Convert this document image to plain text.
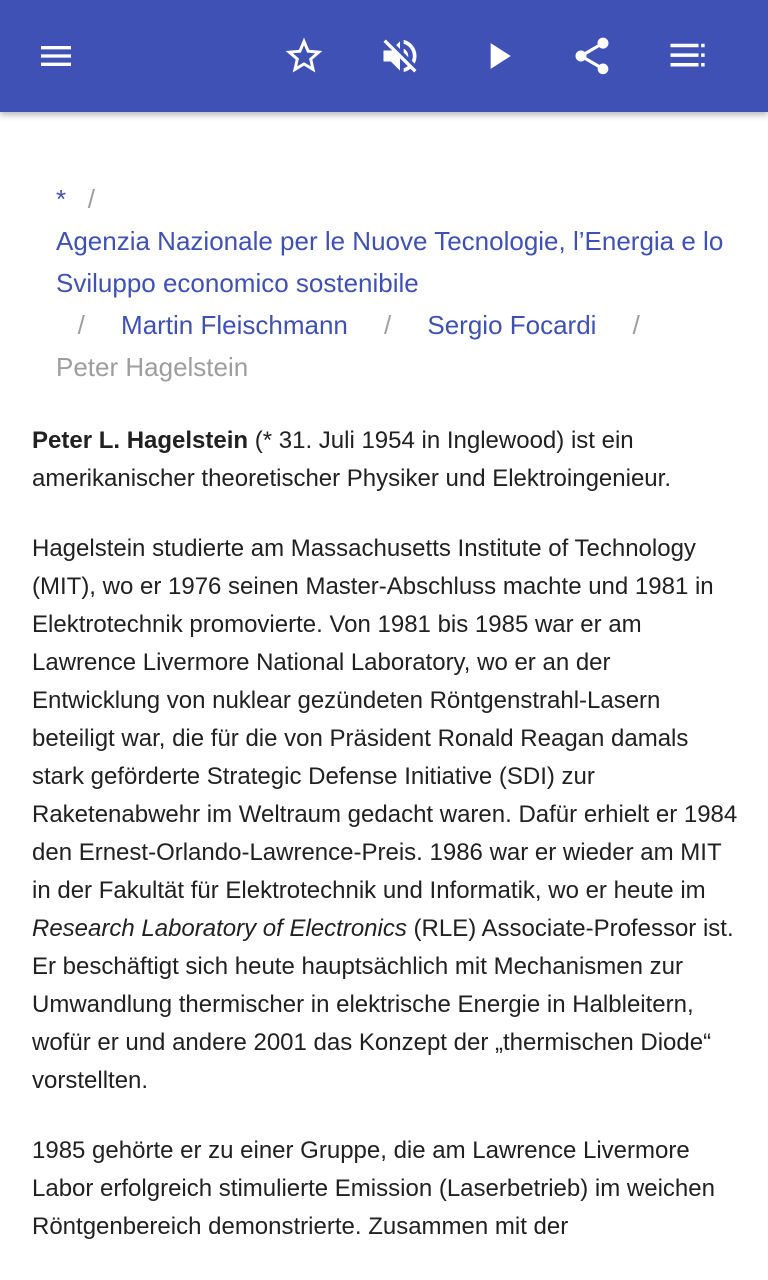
* /
Agenzia Nazionale per le Nuove Tecnologie, l’Energia e lo Sviluppo economico sostenibile
/ Martin Fleischmann / Sergio Focardi /
Peter Hagelstein

Peter L. Hagelstein (* 31. Juli 1954 in Inglewood) ist ein amerikanischer theoretischer Physiker und Elektroingenieur.

Hagelstein studierte am Massachusetts Institute of Technology (MIT), wo er 1976 seinen Master-Abschluss machte und 1981 in Elektrotechnik promovierte. Von 1981 bis 1985 war er am Lawrence Livermore National Laboratory, wo er an der Entwicklung von nuklear gezündeten Röntgenstrahl-Lasern beteiligt war, die für die von Präsident Ronald Reagan damals stark geförderte Strategic Defense Initiative (SDI) zur Raketenabwehr im Weltraum gedacht waren. Dafür erhielt er 1984 den Ernest-Orlando-Lawrence-Preis. 1986 war er wieder am MIT in der Fakultät für Elektrotechnik und Informatik, wo er heute im Research Laboratory of Electronics (RLE) Associate-Professor ist. Er beschäftigt sich heute hauptsächlich mit Mechanismen zur Umwandlung thermischer in elektrische Energie in Halbleitern, wofür er und andere 2001 das Konzept der „thermischen Diode“ vorstellten.

1985 gehörte er zu einer Gruppe, die am Lawrence Livermore Labor erfolgreich stimulierte Emission (Laserbetrieb) im weichen Röntgenbereich demonstrierte. Zusammen mit der
